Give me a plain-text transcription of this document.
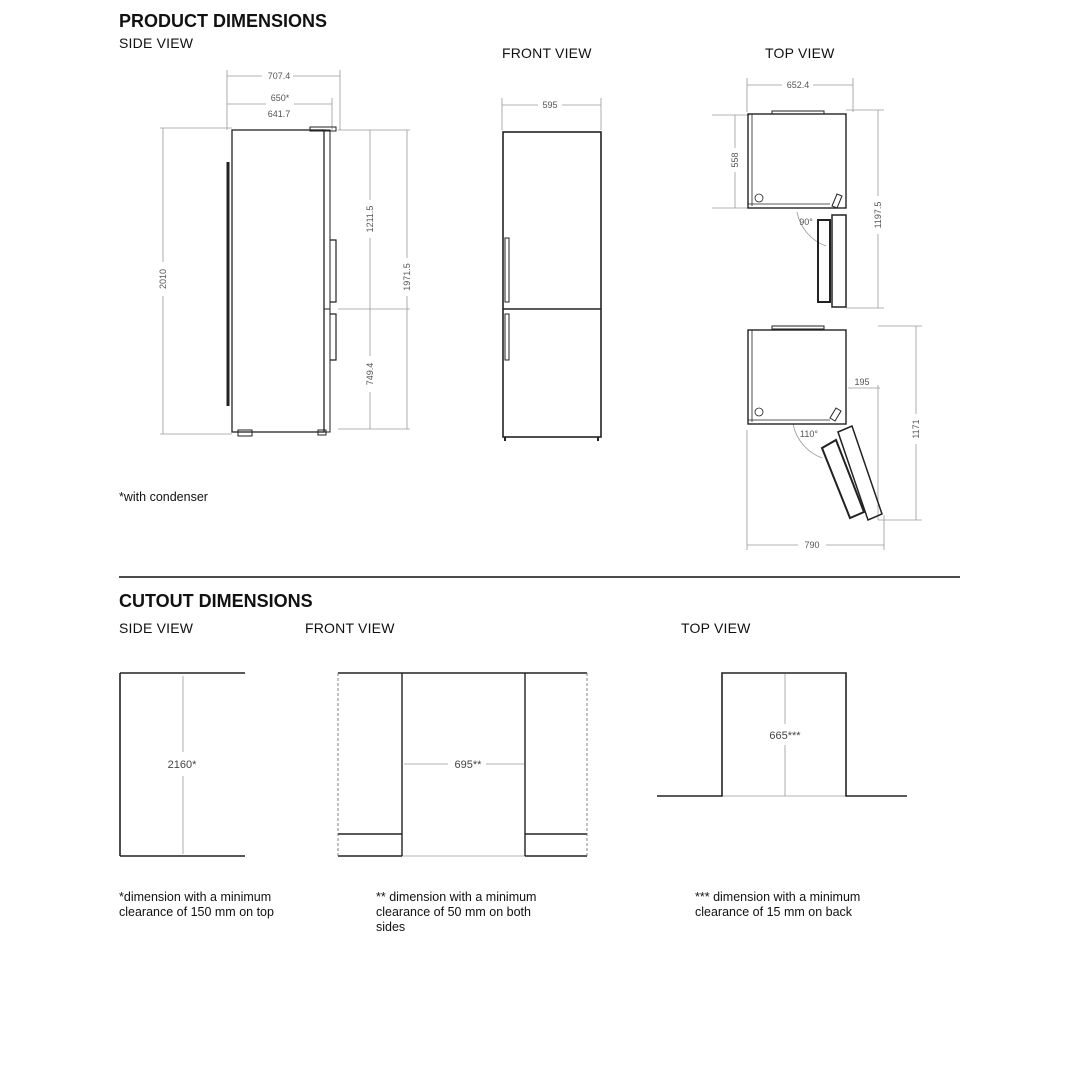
PRODUCT DIMENSIONS
SIDE VIEW
FRONT VIEW	TOP VIEW
*with condenser
CUTOUT DIMENSIONS
SIDE VIEW	FRONT VIEW	TOP VIEW
*dimension with a minimum
clearance of 150 mm on top
** dimension with a minimum
clearance of 50 mm on both
sides
*** dimension with a minimum
clearance of 15 mm on back
707.4
650*
641.7
2010
1211.5
1971.5
749.4
595
652.4
558
90°	1197.5
195
110°	1171
790
2160*	695**
665***
